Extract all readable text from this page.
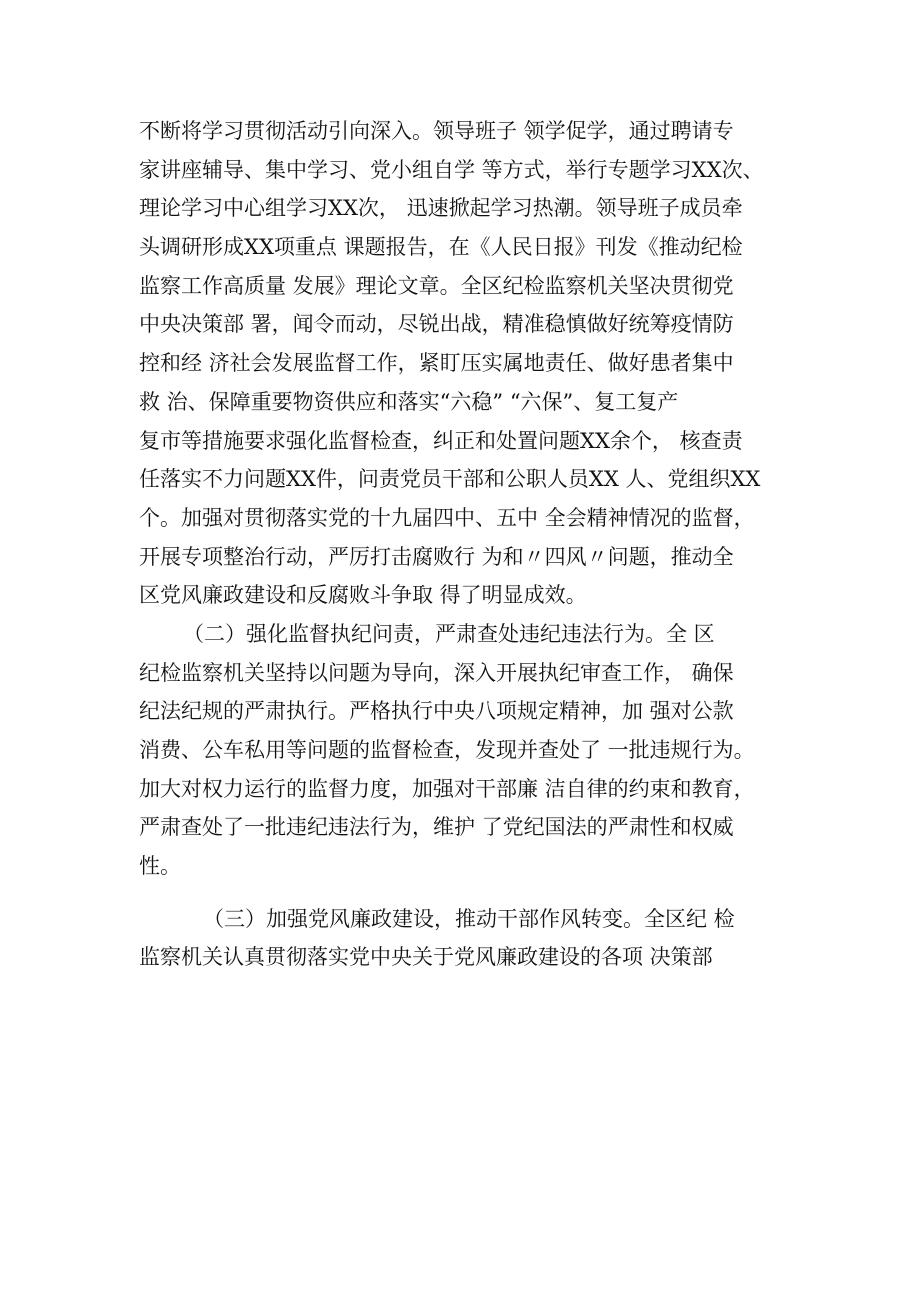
不断将学习贯彻活动引向深入。领导班子 领学促学，通过聘请专
家讲座辅导、集中学习、党小组自学 等方式，举行专题学习XX次、
理论学习中心组学习XX次， 迅速掀起学习热潮。领导班子成员牵
头调研形成XX项重点 课题报告，在《人民日报》刊发《推动纪检
监察工作高质量 发展》理论文章。全区纪检监察机关坚决贯彻党
中央决策部 署，闻令而动，尽锐出战，精准稳慎做好统筹疫情防
控和经 济社会发展监督工作，紧盯压实属地责任、做好患者集中
救 治、保障重要物资供应和落实“六稳” “六保”、复工复产
复市等措施要求强化监督检查，纠正和处置问题XX余个， 核查责
任落实不力问题XX件，问责党员干部和公职人员XX 人、党组织XX
个。加强对贯彻落实党的十九届四中、五中 全会精神情况的监督，
开展专项整治行动，严厉打击腐败行 为和〃四风〃问题，推动全
区党风廉政建设和反腐败斗争取 得了明显成效。
（二）强化监督执纪问责，严肃查处违纪违法行为。全 区
纪检监察机关坚持以问题为导向，深入开展执纪审查工作， 确保
纪法纪规的严肃执行。严格执行中央八项规定精神，加 强对公款
消费、公车私用等问题的监督检查，发现并查处了 一批违规行为。
加大对权力运行的监督力度，加强对干部廉 洁自律的约束和教育，
严肃查处了一批违纪违法行为，维护 了党纪国法的严肃性和权威
性。
（三）加强党风廉政建设，推动干部作风转变。全区纪 检
监察机关认真贯彻落实党中央关于党风廉政建设的各项 决策部
